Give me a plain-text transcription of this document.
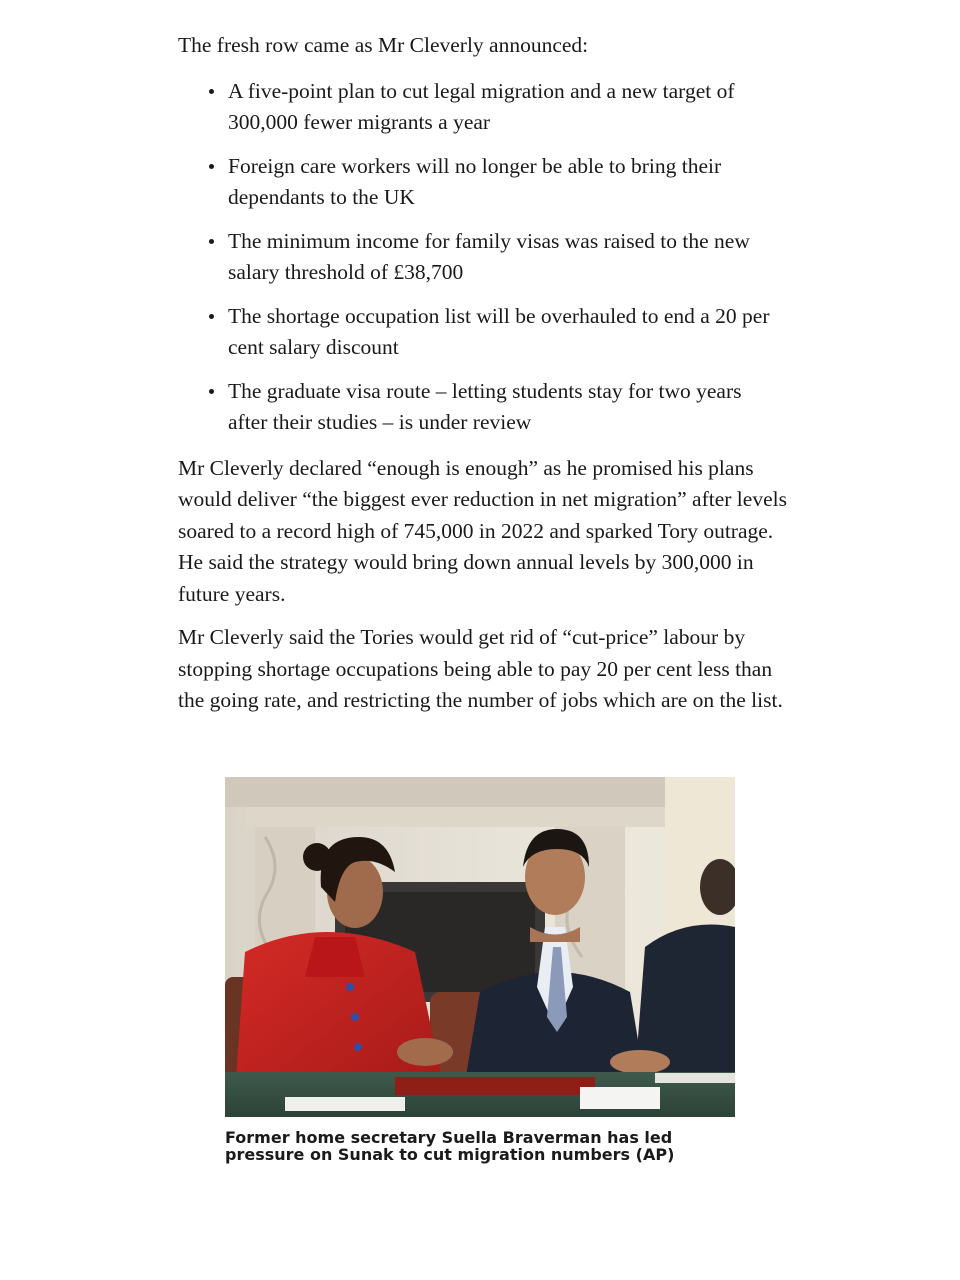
The fresh row came as Mr Cleverly announced:

A five-point plan to cut legal migration and a new target of 300,000 fewer migrants a year
Foreign care workers will no longer be able to bring their dependants to the UK
The minimum income for family visas was raised to the new salary threshold of £38,700
The shortage occupation list will be overhauled to end a 20 per cent salary discount
The graduate visa route – letting students stay for two years after their studies – is under review

Mr Cleverly declared “enough is enough” as he promised his plans would deliver “the biggest ever reduction in net migration” after levels soared to a record high of 745,000 in 2022 and sparked Tory outrage. He said the strategy would bring down annual levels by 300,000 in future years.

Mr Cleverly said the Tories would get rid of “cut-price” labour by stopping shortage occupations being able to pay 20 per cent less than the going rate, and restricting the number of jobs which are on the list.

Former home secretary Suella Braverman has led pressure on Sunak to cut migration numbers (AP)
